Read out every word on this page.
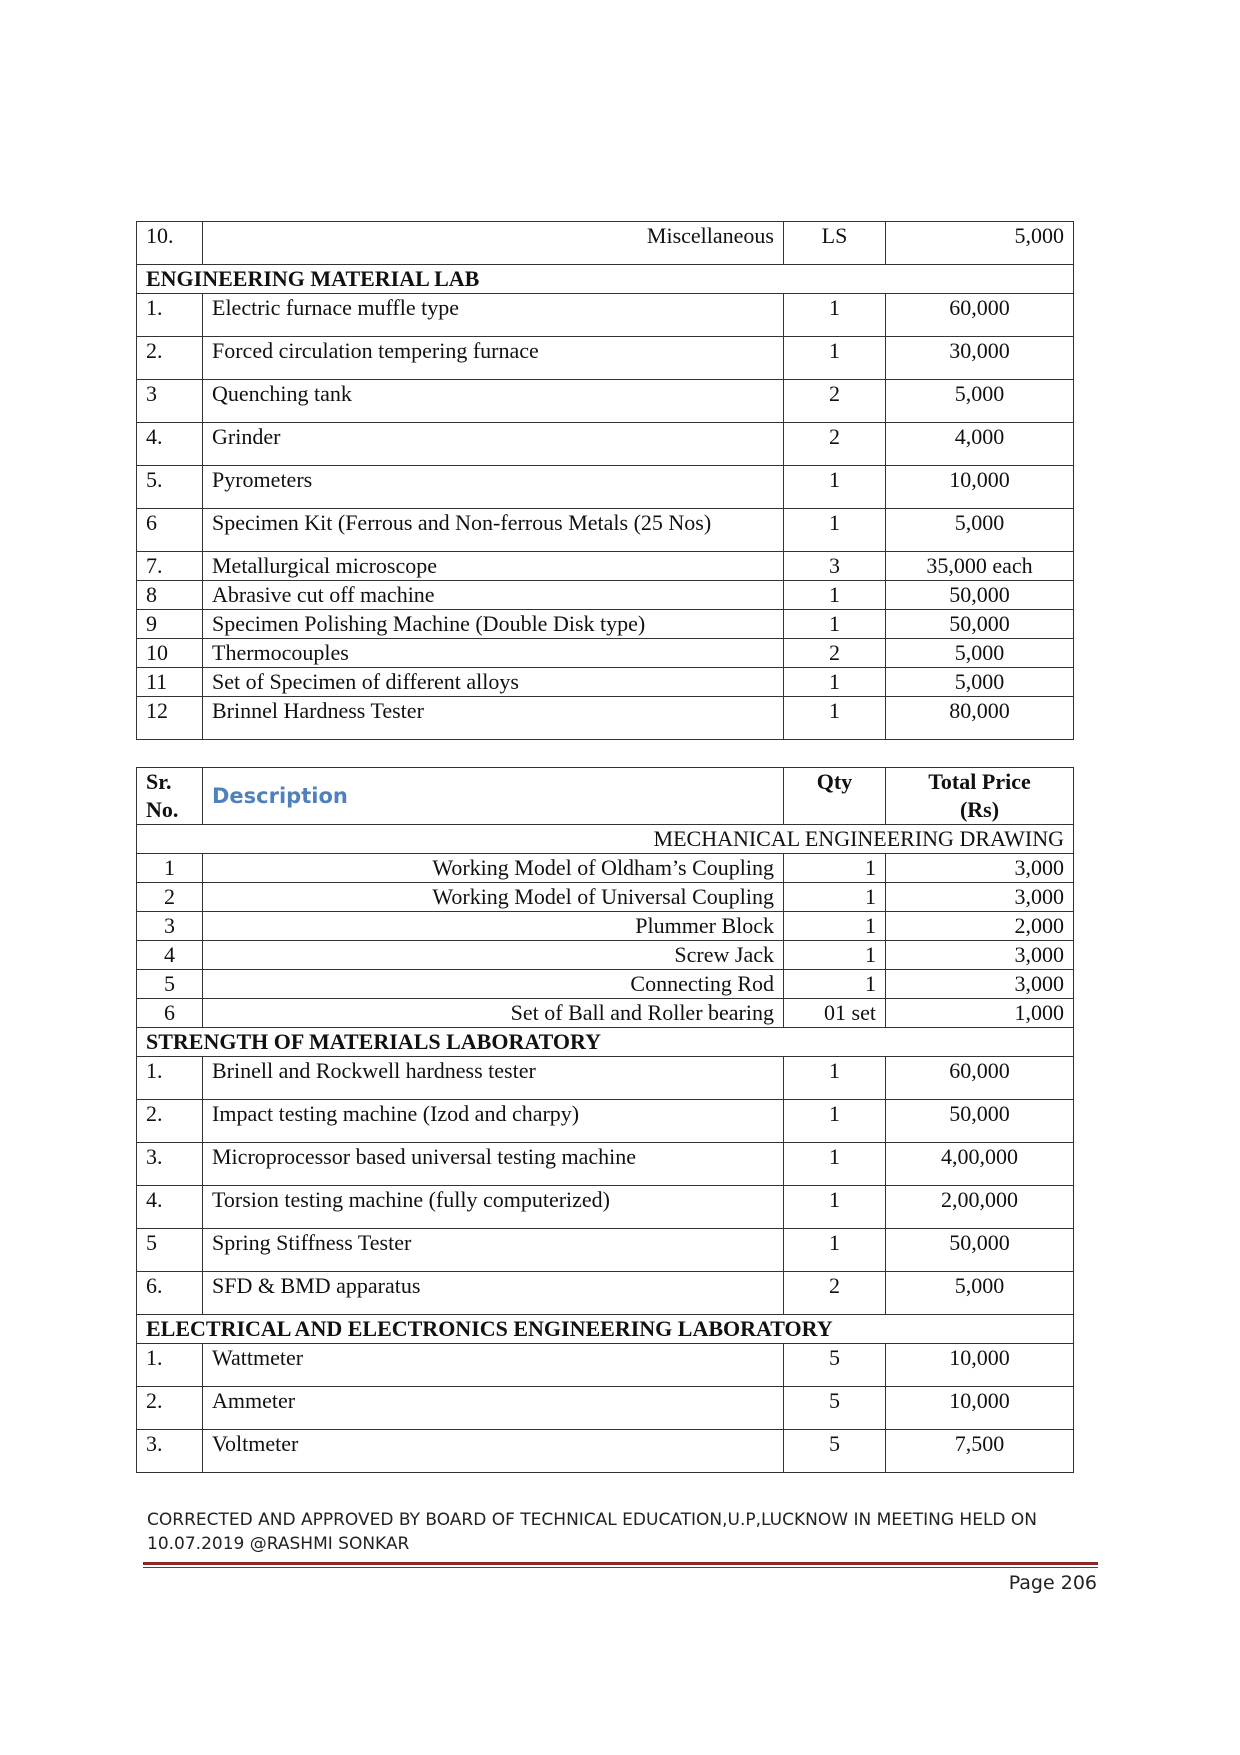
10.	Miscellaneous	LS	5,000
ENGINEERING MATERIAL LAB			
1.	Electric furnace muffle type	1	60,000
2.	Forced circulation tempering furnace	1	30,000
3	Quenching tank	2	5,000
4.	Grinder	2	4,000
5.	Pyrometers	1	10,000
6	Specimen Kit (Ferrous and Non-ferrous Metals (25 Nos)	1	5,000
7.	Metallurgical microscope	3	35,000 each
8	Abrasive cut off machine	1	50,000
9	Specimen Polishing Machine (Double Disk type)	1	50,000
10	Thermocouples	2	5,000
11	Set of Specimen of different alloys	1	5,000
12	Brinnel Hardness Tester	1	80,000
Sr.
No.	Description	Qty	Total Price
(Rs)
MECHANICAL ENGINEERING DRAWING			
1	Working Model of Oldham’s Coupling	1	3,000
2	Working Model of Universal Coupling	1	3,000
3	Plummer Block	1	2,000
4	Screw Jack	1	3,000
5	Connecting Rod	1	3,000
6	Set of Ball and Roller bearing	01 set	1,000
STRENGTH OF MATERIALS LABORATORY			
1.	Brinell and Rockwell hardness tester	1	60,000
2.	Impact testing machine (Izod and charpy)	1	50,000
3.	Microprocessor based universal testing machine	1	4,00,000
4.	Torsion testing machine (fully computerized)	1	2,00,000
5	Spring Stiffness Tester	1	50,000
6.	SFD & BMD apparatus	2	5,000
ELECTRICAL AND ELECTRONICS ENGINEERING LABORATORY			
1.	Wattmeter	5	10,000
2.	Ammeter	5	10,000
3.	Voltmeter	5	7,500
CORRECTED AND APPROVED BY BOARD OF TECHNICAL EDUCATION,U.P,LUCKNOW IN MEETING HELD ON
10.07.2019 @RASHMI SONKAR
Page 206
